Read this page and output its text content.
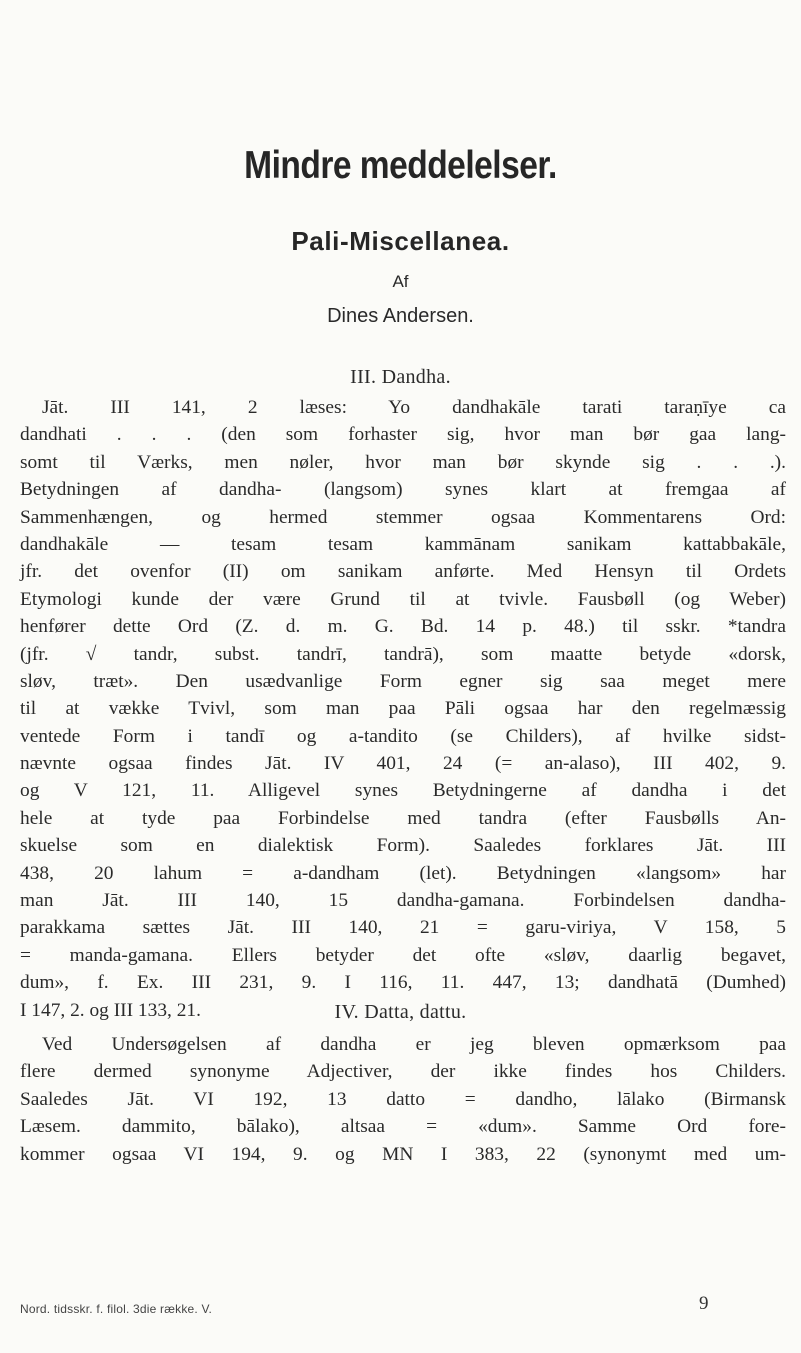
Mindre meddelelser.
Pali-Miscellanea.
Af
Dines Andersen.
III. Dandha.
Jāt. III 141, 2 læses: Yo dandhakāle tarati taraṇīye ca
dandhati . . . (den som forhaster sig, hvor man bør gaa lang-
somt til Værks, men nøler, hvor man bør skynde sig . . .).
Betydningen af dandha- (langsom) synes klart at fremgaa af
Sammenhængen, og hermed stemmer ogsaa Kommentarens Ord:
dandhakāle — tesam tesam kammānam sanikam kattabbakāle,
jfr. det ovenfor (II) om sanikam anførte. Med Hensyn til Ordets
Etymologi kunde der være Grund til at tvivle. Fausbøll (og Weber)
henfører dette Ord (Z. d. m. G. Bd. 14 p. 48.) til sskr. *tandra
(jfr. √ tandr, subst. tandrī, tandrā), som maatte betyde «dorsk,
sløv, træt». Den usædvanlige Form egner sig saa meget mere
til at vække Tvivl, som man paa Pāli ogsaa har den regelmæssig
ventede Form i tandī og a-tandito (se Childers), af hvilke sidst-
nævnte ogsaa findes Jāt. IV 401, 24 (= an-alaso), III 402, 9.
og V 121, 11. Alligevel synes Betydningerne af dandha i det
hele at tyde paa Forbindelse med tandra (efter Fausbølls An-
skuelse som en dialektisk Form). Saaledes forklares Jāt. III
438, 20 lahum = a-dandham (let). Betydningen «langsom» har
man Jāt. III 140, 15 dandha-gamana. Forbindelsen dandha-
parakkama sættes Jāt. III 140, 21 = garu-viriya, V 158, 5
= manda-gamana. Ellers betyder det ofte «sløv, daarlig begavet,
dum», f. Ex. III 231, 9. I 116, 11. 447, 13; dandhatā (Dumhed)
I 147, 2. og III 133, 21.	IV. Datta, dattu.
Ved Undersøgelsen af dandha er jeg bleven opmærksom paa
flere dermed synonyme Adjectiver, der ikke findes hos Childers.
Saaledes Jāt. VI 192, 13 datto = dandho, lālako (Birmansk
Læsem. dammito, bālako), altsaa = «dum». Samme Ord fore-
kommer ogsaa VI 194, 9. og MN I 383, 22 (synonymt med um-
Nord. tidsskr. f. filol. 3die række. V.	9
